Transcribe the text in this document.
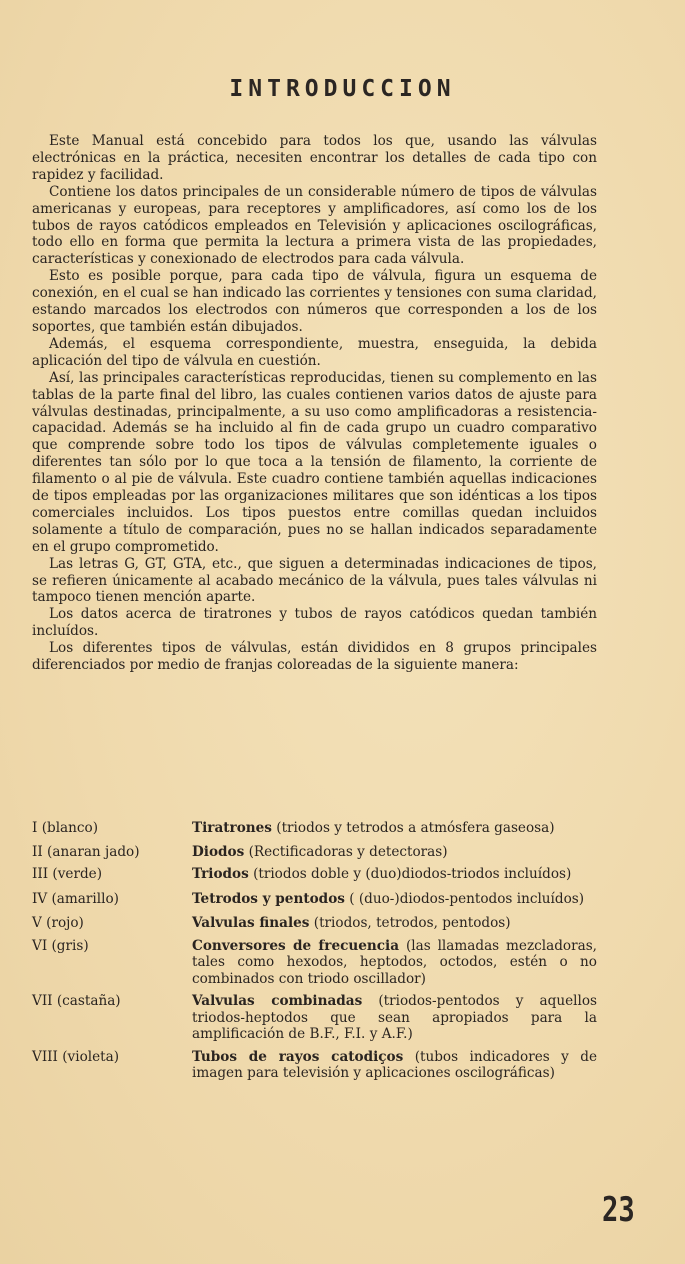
INTRODUCCION

Este Manual está concebido para todos los que, usando las válvulas electrónicas en la práctica, necesiten encontrar los detalles de cada tipo con rapidez y facilidad.

Contiene los datos principales de un considerable número de tipos de válvulas americanas y europeas, para receptores y amplificadores, así como los de los tubos de rayos catódicos empleados en Televisión y aplicaciones oscilográficas, todo ello en forma que permita la lectura a primera vista de las propiedades, características y conexionado de electrodos para cada válvula.

Esto es posible porque, para cada tipo de válvula, figura un esquema de conexión, en el cual se han indicado las corrientes y tensiones con suma claridad, estando marcados los electrodos con números que corresponden a los de los soportes, que también están dibujados.

Además, el esquema correspondiente, muestra, enseguida, la debida aplicación del tipo de válvula en cuestión.

Así, las principales características reproducidas, tienen su complemento en las tablas de la parte final del libro, las cuales contienen varios datos de ajuste para válvulas destinadas, principalmente, a su uso como amplificadoras a resistencia-capacidad. Además se ha incluido al fin de cada grupo un cuadro comparativo que comprende sobre todo los tipos de válvulas completemente iguales o diferentes tan sólo por lo que toca a la tensión de filamento, la corriente de filamento o al pie de válvula. Este cuadro contiene también aquellas indicaciones de tipos empleadas por las organizaciones militares que son idénticas a los tipos comerciales incluidos. Los tipos puestos entre comillas quedan incluidos solamente a título de comparación, pues no se hallan indicados separadamente en el grupo comprometido.

Las letras G, GT, GTA, etc., que siguen a determinadas indicaciones de tipos, se refieren únicamente al acabado mecánico de la válvula, pues tales válvulas ni tampoco tienen mención aparte.

Los datos acerca de tiratrones y tubos de rayos catódicos quedan también incluídos.

Los diferentes tipos de válvulas, están divididos en 8 grupos principales diferenciados por medio de franjas coloreadas de la siguiente manera:

I (blanco)	Tiratrones (triodos y tetrodos a atmósfera gaseosa)
II (anaran jado)	Diodos (Rectificadoras y detectoras)
III (verde)	Triodos (triodos doble y (duo)diodos-triodos incluídos)
IV (amarillo)	Tetrodos y pentodos ( (duo-)diodos-pentodos incluídos)
V (rojo)	Valvulas finales (triodos, tetrodos, pentodos)
VI (gris)	Conversores de frecuencia (las llamadas mezcladoras, tales como hexodos, heptodos, octodos, estén o no combinados con triodo oscillador)
VII (castaña)	Valvulas combinadas (triodos-pentodos y aquellos triodos-heptodos que sean apropiados para la amplificación de B.F., F.I. y A.F.)
VIII (violeta)	Tubos de rayos catodiços (tubos indicadores y de imagen para televisión y aplicaciones oscilográficas)
23
